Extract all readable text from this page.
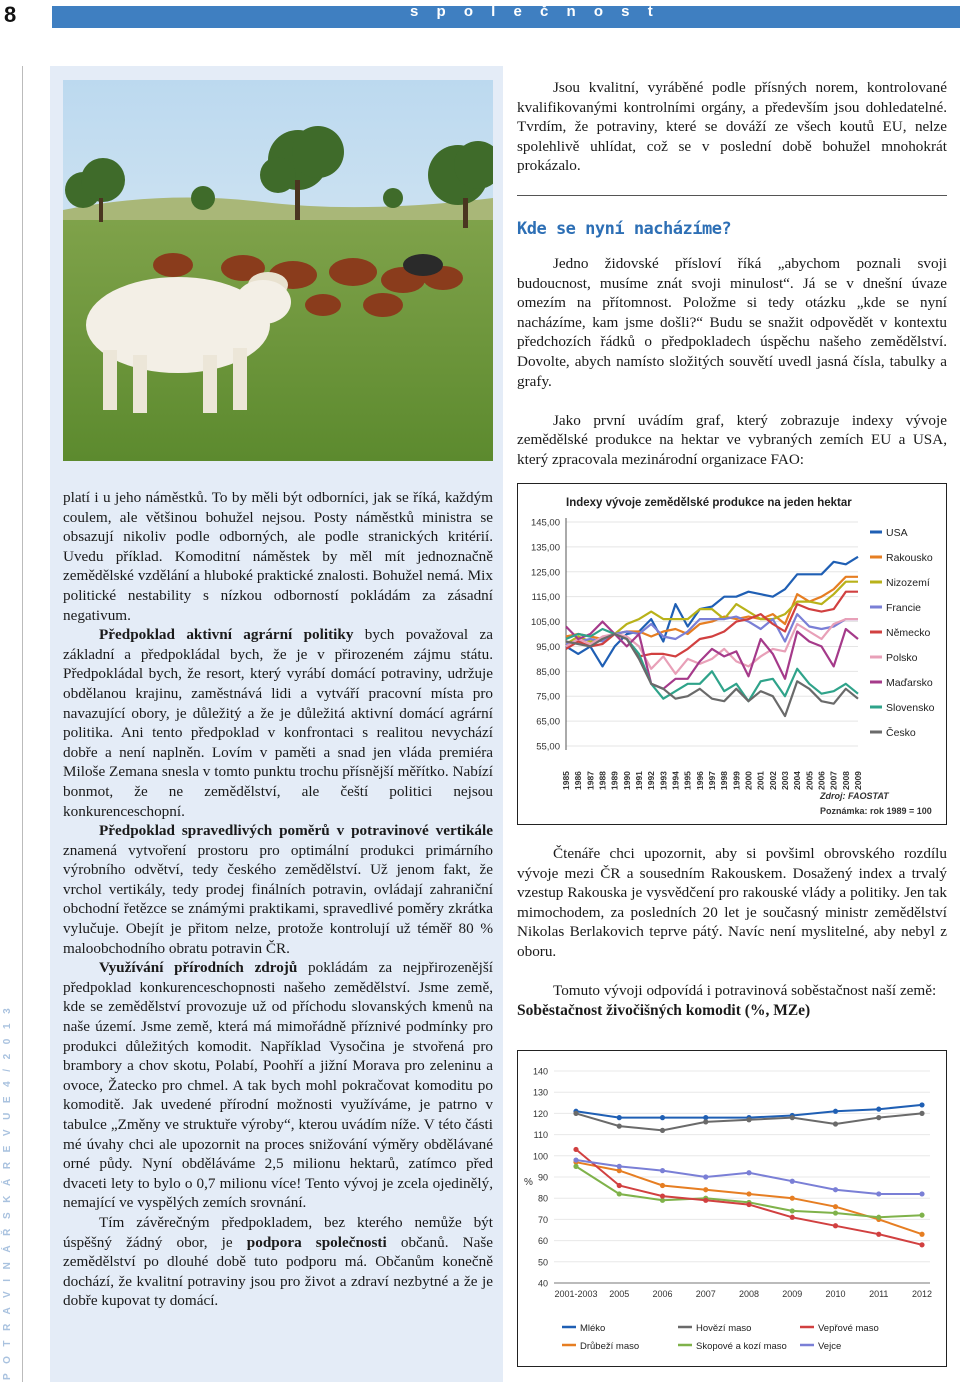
8	s p o l e č n o s t
P O T R A V I N Á Ř S K Á R E V U E 4 / 2 0 1 3

Jsou kvalitní, vyráběné podle přísných norem, kontrolované kvalifikovanými kontrolními orgány, a především jsou dohledatelné. Tvrdím, že potraviny, které se dováží ze všech koutů EU, nelze spolehlivě uhlídat, což se v poslední době bohužel mnohokrát prokázalo.

Kde se nyní nacházíme?

Jedno židovské přísloví říká „abychom poznali svoji budoucnost, musíme znát svoji minulost“. Já se v dnešní úvaze omezím na přítomnost. Položme si tedy otázku „kde se nyní nacházíme, kam jsme došli?“ Budu se snažit odpovědět v kontextu předchozích řádků o předpokladech úspěchu našeho zemědělství. Dovolte, abych namísto složitých souvětí uvedl jasná čísla, tabulky a grafy.

Jako první uvádím graf, který zobrazuje indexy vývoje zemědělské produkce na hektar ve vybraných zemích EU a USA, který zpracovala mezinárodní organizace FAO:

Indexy vývoje zemědělské produkce na jeden hektar
145,00
135,00
125,00
115,00
105,00
95,00
85,00
75,00
65,00
55,00
1985 1986 1987 1988 1989 1990 1991 1992 1993 1994 1995 1996 1997 1998 1999 2000 2001 2002 2003 2004 2005 2006 2007 2008 2009
USA
Rakousko
Nizozemí
Francie
Německo
Polsko
Maďarsko
Slovensko
Česko
Zdroj: FAOSTAT
Poznámka: rok 1989 = 100

platí i u jeho náměstků. To by měli být odborníci, jak se říká, každým coulem, ale většinou bohužel nejsou. Posty náměstků ministra se obsazují nikoliv podle odborných, ale podle stranických kritérií. Uvedu příklad. Komoditní náměstek by měl mít jednoznačně zemědělské vzdělání a hluboké praktické znalosti. Bohužel nemá. Mix politické nestability s nízkou odborností pokládám za zásadní negativum.

Předpoklad aktivní agrární politiky bych považoval za základní a předpokládal bych, že je v přirozeném zájmu státu. Předpokládal bych, že resort, který vyrábí domácí potraviny, udržuje obdělanou krajinu, zaměstnává lidi a vytváří pracovní místa pro navazující obory, je důležitý a že je důležitá aktivní domácí agrární politika. Ani tento předpoklad v konfrontaci s realitou nevychází dobře a není naplněn. Lovím v paměti a snad jen vláda premiéra Miloše Zemana snesla v tomto punktu trochu přísnější měřítko. Nabízí bonmot, že ne zemědělství, ale čeští politici nejsou konkurenceschopní.

Předpoklad spravedlivých poměrů v potravinové vertikále znamená vytvoření prostoru pro optimální produkci primárního výrobního odvětví, tedy českého zemědělství. Už jenom fakt, že vrchol vertikály, tedy prodej finálních potravin, ovládají zahraniční obchodní řetězce se známými praktikami, spravedlivé poměry zkrátka vylučuje. Obejít je přitom nelze, protože kontrolují už téměř 80 % maloobchodního obratu potravin ČR.

Využívání přírodních zdrojů pokládám za nejpřirozenější předpoklad konkurenceschopnosti našeho zemědělství. Jsme země, kde se zemědělství provozuje už od příchodu slovanských kmenů na naše území. Jsme země, která má mimořádně příznivé podmínky pro produkci důležitých komodit. Například Vysočina je stvořená pro brambory a chov skotu, Polabí, Poohří a jižní Morava pro zeleninu a ovoce, Žatecko pro chmel. A tak bych mohl pokračovat komoditu po komoditě. Jak uvedené přírodní možnosti využíváme, je patrno v tabulce „Změny ve struktuře výroby“, kterou uvádím níže. V této části mé úvahy chci ale upozornit na proces snižování výměry obdělávané orné půdy. Nyní obděláváme 2,5 milionu hektarů, zatímco před dvaceti lety to bylo o 0,7 milionu více! Tento vývoj je zcela ojedinělý, nemající ve vyspělých zemích srovnání.

Tím závěrečným předpokladem, bez kterého nemůže být úspěšný žádný obor, je podpora společnosti občanů. Naše zemědělství po dlouhé době tuto podporu má. Občanům konečně dochází, že kvalitní potraviny jsou pro život a zdraví nezbytné a že je dobře kupovat ty domácí.

Čtenáře chci upozornit, aby si povšiml obrovského rozdílu vývoje mezi ČR a sousedním Rakouskem. Dosažený index a trvalý vzestup Rakouska je vysvědčení pro rakouské vlády a politiky. Jen tak mimochodem, za posledních 20 let je současný ministr zemědělství Nikolas Berlakovich teprve pátý. Navíc není myslitelné, aby nebyl z oboru.

Tomuto vývoji odpovídá i potravinová soběstačnost naší země:

Soběstačnost živočišných komodit (%, MZe)

140
130
120
110
100
90
80
70
60
50
40
%
2001-2003 2005	2006	2007	2008	2009	2010	2011	2012
Mléko	Hovězí maso	Vepřové maso
Drůbeží maso	Skopové a kozí maso	Vejce
